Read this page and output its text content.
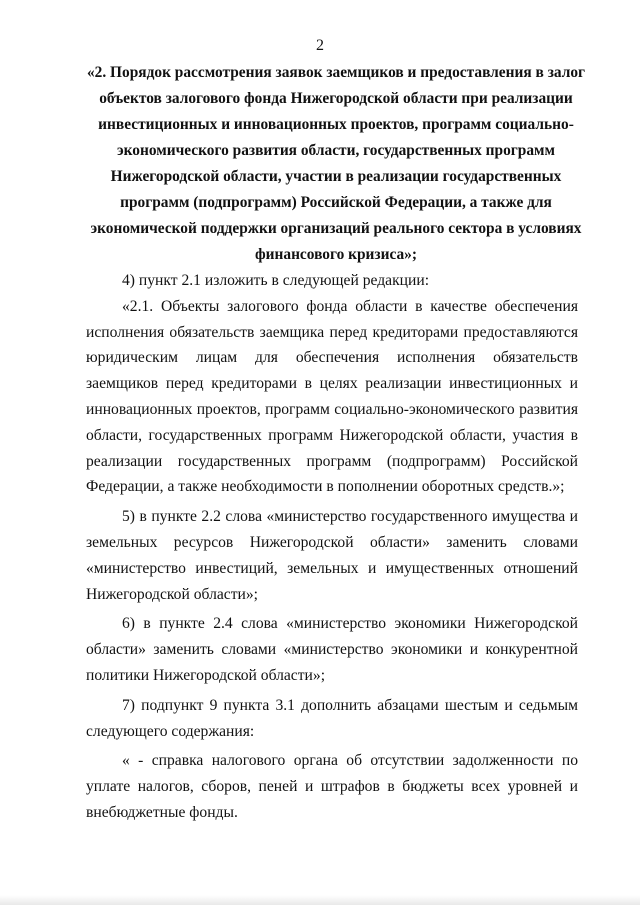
2
«2. Порядок рассмотрения заявок заемщиков и предоставления в залог объектов залогового фонда Нижегородской области при реализации инвестиционных и инновационных проектов, программ социально-экономического развития области, государственных программ Нижегородской области, участии в реализации государственных программ (подпрограмм) Российской Федерации, а также для экономической поддержки организаций реального сектора в условиях финансового кризиса»;

4) пункт 2.1 изложить в следующей редакции:

«2.1. Объекты залогового фонда области в качестве обеспечения исполнения обязательств заемщика перед кредиторами предоставляются юридическим лицам для обеспечения исполнения обязательств заемщиков перед кредиторами в целях реализации инвестиционных и инновационных проектов, программ социально-экономического развития области, государственных программ Нижегородской области, участия в реализации государственных программ (подпрограмм) Российской Федерации, а также необходимости в пополнении оборотных средств.»;

5) в пункте 2.2 слова «министерство государственного имущества и земельных ресурсов Нижегородской области» заменить словами «министерство инвестиций, земельных и имущественных отношений Нижегородской области»;

6) в пункте 2.4 слова «министерство экономики Нижегородской области» заменить словами «министерство экономики и конкурентной политики Нижегородской области»;

7) подпункт 9 пункта 3.1 дополнить абзацами шестым и седьмым следующего содержания:

« - справка налогового органа об отсутствии задолженности по уплате налогов, сборов, пеней и штрафов в бюджеты всех уровней и внебюджетные фонды.
